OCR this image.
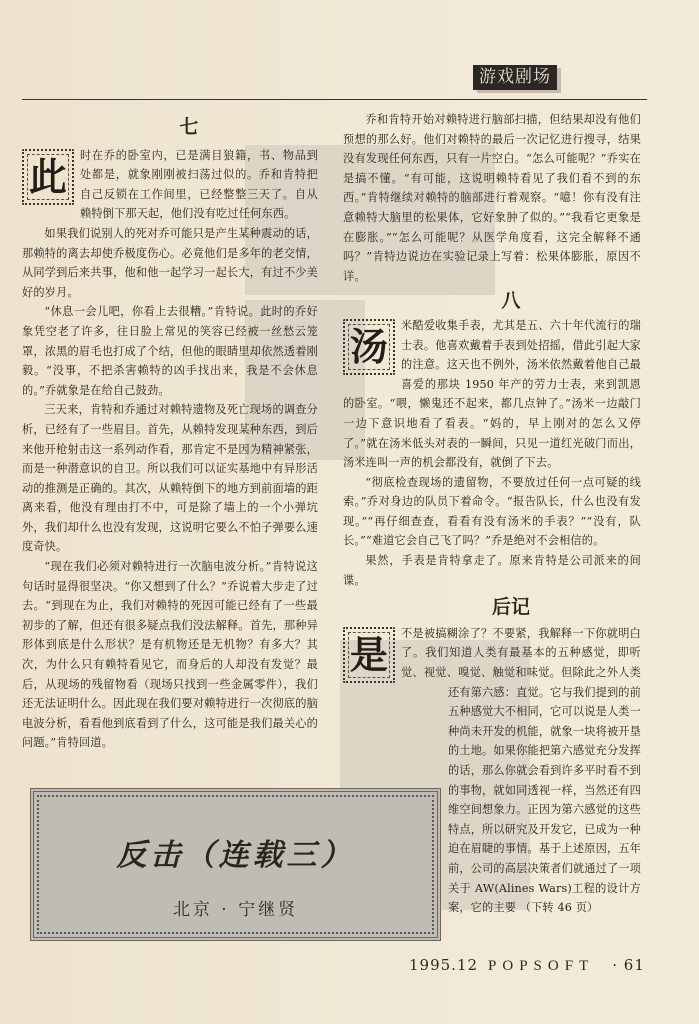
游戏剧场

七

此	时在乔的卧室内，已是满目狼籍，书、物品到处都是，就象刚刚被扫荡过似的。乔和肯特把自己反锁在工作间里，已经整整三天了。自从赖特倒下那天起，他们没有吃过任何东西。

如果我们说别人的死对乔可能只是产生某种震动的话，那赖特的离去却使乔极度伤心。必竟他们是多年的老交情，从同学到后来共事，他和他一起学习一起长大，有过不少美好的岁月。

“休息一会儿吧，你看上去很糟。”肯特说。此时的乔好象凭空老了许多，往日脸上常见的笑容已经被一丝愁云笼罩，浓黑的眉毛也打成了个结，但他的眼睛里却依然透着刚毅。“没事，不把杀害赖特的凶手找出来，我是不会休息的。”乔就象是在给自己鼓劲。

三天来，肯特和乔通过对赖特遗物及死亡现场的调查分析，已经有了一些眉目。首先，从赖特发现某种东西，到后来他开枪射击这一系列动作看，那肯定不是因为精神紧张，而是一种潜意识的自卫。所以我们可以证实基地中有异形活动的推测是正确的。其次，从赖特倒下的地方到前面墙的距离来看，他没有理由打不中，可是除了墙上的一个小弹坑外，我们却什么也没有发现，这说明它要么不怕子弹要么速度奇快。

“现在我们必须对赖特进行一次脑电波分析。”肯特说这句话时显得很坚决。“你又想到了什么？”乔说着大步走了过去。“到现在为止，我们对赖特的死因可能已经有了一些最初步的了解，但还有很多疑点我们没法解释。首先，那种异形体到底是什么形状？是有机物还是无机物？有多大？其次，为什么只有赖特看见它，而身后的人却没有发觉？最后，从现场的残留物看（现场只找到一些金属零件），我们还无法证明什么。因此现在我们要对赖特进行一次彻底的脑电波分析，看看他到底看到了什么，这可能是我们最关心的问题。”肯特回道。

乔和肯特开始对赖特进行脑部扫描，但结果却没有他们预想的那么好。他们对赖特的最后一次记忆进行搜寻，结果没有发现任何东西，只有一片空白。“怎么可能呢？”乔实在是搞不懂。“有可能，这说明赖特看见了我们看不到的东西。”肯特继续对赖特的脑部进行着观察。“噫！你有没有注意赖特大脑里的松果体，它好象肿了似的。”“我看它更象是在膨胀。”“怎么可能呢？从医学角度看，这完全解释不通吗？”肯特边说边在实验记录上写着：松果体膨胀，原因不详。

八

汤	米酷爱收集手表，尤其是五、六十年代流行的瑞士表。他喜欢戴着手表到处招摇，借此引起大家的注意。这天也不例外，汤米依然戴着他自己最喜爱的那块 1950 年产的劳力士表，来到凯恩的卧室。“喂，懒鬼还不起来，都几点钟了。”汤米一边敲门一边下意识地看了看表。“妈的，早上刚对的怎么又停了。”就在汤米低头对表的一瞬间，只见一道红光破门而出，汤米连叫一声的机会都没有，就倒了下去。

“彻底检查现场的遗留物，不要放过任何一点可疑的线索。”乔对身边的队员下着命令。“报告队长，什么也没有发现。”“再仔细查查，看看有没有汤米的手表？”“没有，队长。”“难道它会自己飞了吗？”乔是绝对不会相信的。

果然，手表是肯特拿走了。原来肯特是公司派来的间谍。

后记

是	不是被搞糊涂了？不要紧，我解释一下你就明白了。我们知道人类有最基本的五种感觉，即听觉、视觉、嗅觉、触觉和味觉。但除此之外人类还有第六感：直觉。它与我们提到的前五种感觉大不相同，它可以说是人类一种尚未开发的机能，就象一块将被开垦的土地。如果你能把第六感觉充分发挥的话，那么你就会看到许多平时看不到的事物，就如同透视一样，当然还有四维空间想象力。正因为第六感觉的这些特点，所以研究及开发它，已成为一种迫在眉睫的事情。基于上述原因，五年前，公司的高层决策者们就通过了一项关于 AW(Alines Wars)工程的设计方案，它的主要 （下转 46 页）

反击（连载三）
北京 · 宁继贤
1995.12 POPSOFT · 61
